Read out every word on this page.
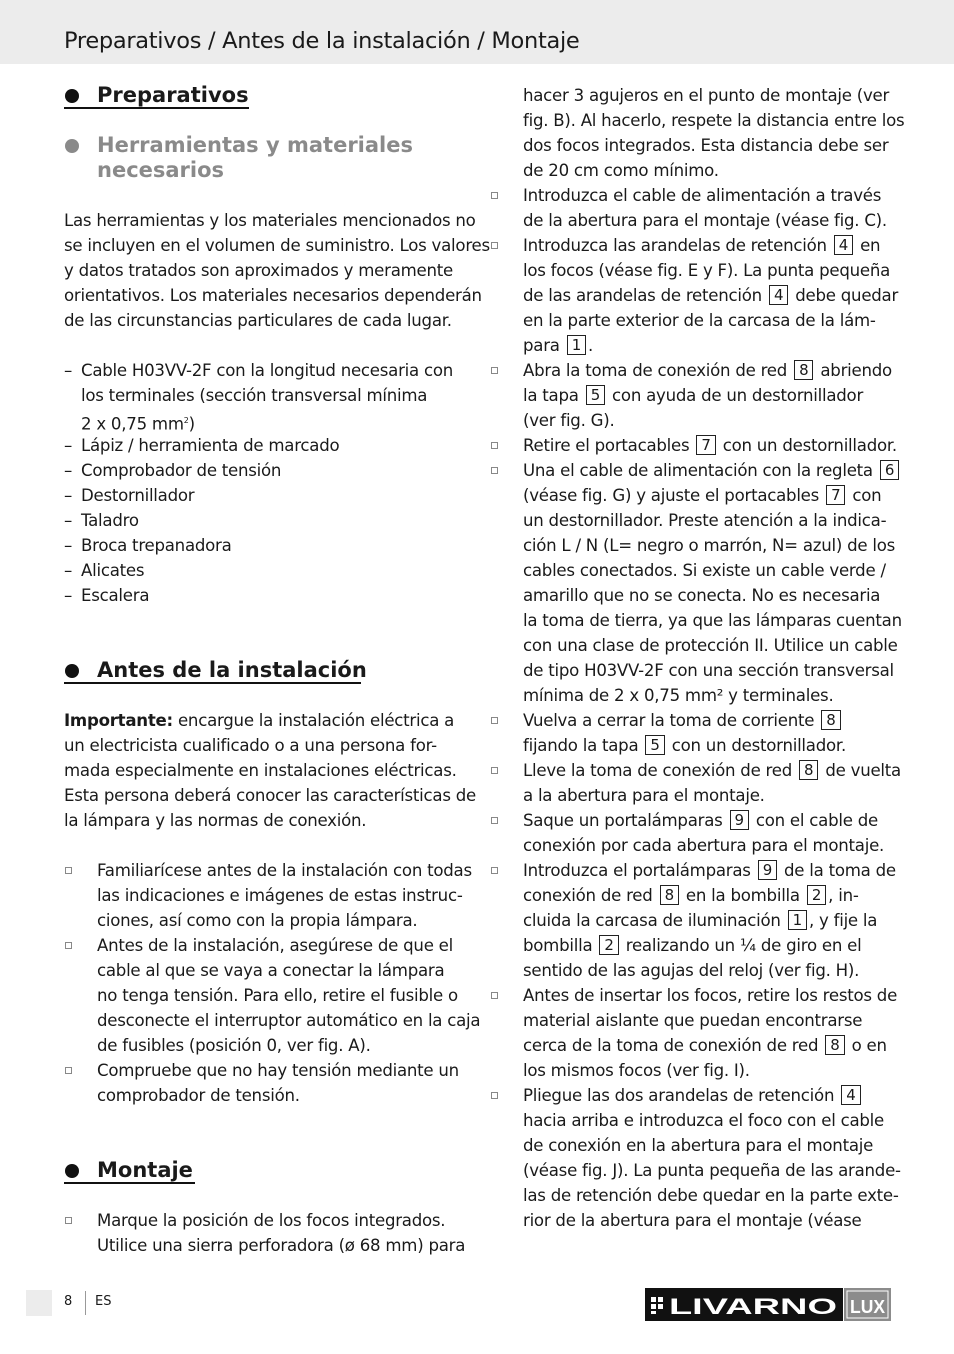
Preparativos / Antes de la instalación / Montaje
Preparativos
Herramientas y materiales
necesarios
Las herramientas y los materiales mencionados no
se incluyen en el volumen de suministro. Los valores
y datos tratados son aproximados y meramente
orientativos. Los materiales necesarios dependerán
de las circunstancias particulares de cada lugar.
– Cable H03VV-2F con la longitud necesaria con
los terminales (sección transversal mínima
2 x 0,75 $mm^2$)
– Lápiz / herramienta de marcado
– Comprobador de tensión
– Destornillador
– Taladro
– Broca trepanadora
– Alicates
– Escalera
Antes de la instalación
Importante: encargue la instalación eléctrica a
un electricista cualificado o a una persona for-
mada especialmente en instalaciones eléctricas.
Esta persona deberá conocer las características de
la lámpara y las normas de conexión.
Familiarícese antes de la instalación con todas
las indicaciones e imágenes de estas instruc-
ciones, así como con la propia lámpara.
Antes de la instalación, asegúrese de que el
cable al que se vaya a conectar la lámpara
no tenga tensión. Para ello, retire el fusible o
desconecte el interruptor automático en la caja
de fusibles (posición 0, ver fig. A).
Compruebe que no hay tensión mediante un
comprobador de tensión.
Montaje
Marque la posición de los focos integrados.
Utilice una sierra perforadora (ø 68 mm) para
hacer 3 agujeros en el punto de montaje (ver
fig. B). Al hacerlo, respete la distancia entre los
dos focos integrados. Esta distancia debe ser
de 20 cm como mínimo.
Introduzca el cable de alimentación a través
de la abertura para el montaje (véase fig. C).
Introduzca las arandelas de retención 4 en
los focos (véase fig. E y F). La punta pequeña
de las arandelas de retención 4 debe quedar
en la parte exterior de la carcasa de la lám-
para 1 .
Abra la toma de conexión de red 8 abriendo
la tapa 5 con ayuda de un destornillador
(ver fig. G).
Retire el portacables 7 con un destornillador.
Una el cable de alimentación con la regleta 6
(véase fig. G) y ajuste el portacables 7 con
un destornillador. Preste atención a la indica-
ción L / N (L= negro o marrón, N= azul) de los
cables conectados. Si existe un cable verde /
amarillo que no se conecta. No es necesaria
la toma de tierra, ya que las lámparas cuentan
con una clase de protección II. Utilice un cable
de tipo H03VV-2F con una sección transversal
mínima de 2 x 0,75 mm² y terminales.
Vuelva a cerrar la toma de corriente 8
fijando la tapa 5 con un destornillador.
Lleve la toma de conexión de red 8 de vuelta
a la abertura para el montaje.
Saque un portalámparas 9 con el cable de
conexión por cada abertura para el montaje.
Introduzca el portalámparas 9 de la toma de
conexión de red 8 en la bombilla 2 , in-
cluida la carcasa de iluminación 1 , y fije la
bombilla 2 realizando un ¼ de giro en el
sentido de las agujas del reloj (ver fig. H).
Antes de insertar los focos, retire los restos de
material aislante que puedan encontrarse
cerca de la toma de conexión de red 8 o en
los mismos focos (ver fig. I).
Pliegue las dos arandelas de retención 4
hacia arriba e introduzca el foco con el cable
de conexión en la abertura para el montaje
(véase fig. J). La punta pequeña de las arande-
las de retención debe quedar en la parte exte-
rior de la abertura para el montaje (véase
8 ES	LIVARNO LUX
